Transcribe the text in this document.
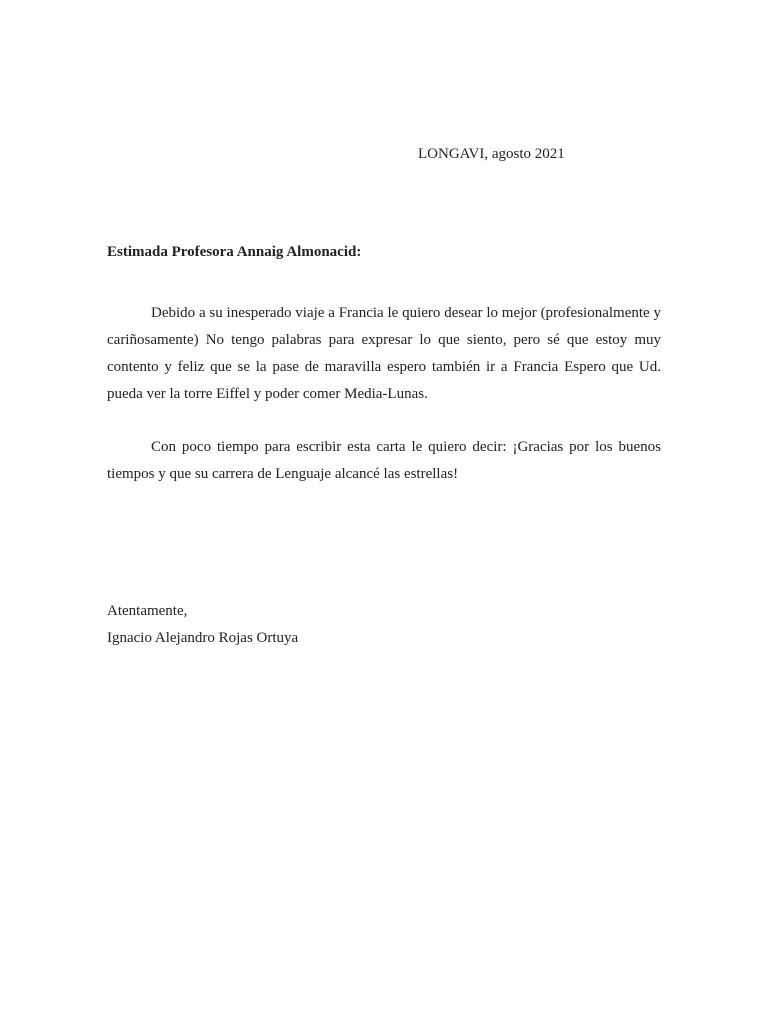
LONGAVI, agosto 2021
Estimada Profesora Annaig Almonacid:

Debido a su inesperado viaje a Francia le quiero desear lo mejor (profesionalmente y cariñosamente) No tengo palabras para expresar lo que siento, pero sé que estoy muy contento y feliz que se la pase de maravilla espero también ir a Francia Espero que Ud. pueda ver la torre Eiffel y poder comer Media-Lunas.

Con poco tiempo para escribir esta carta le quiero decir: ¡Gracias por los buenos tiempos y que su carrera de Lenguaje alcancé las estrellas!

Atentamente,
Ignacio Alejandro Rojas Ortuya
